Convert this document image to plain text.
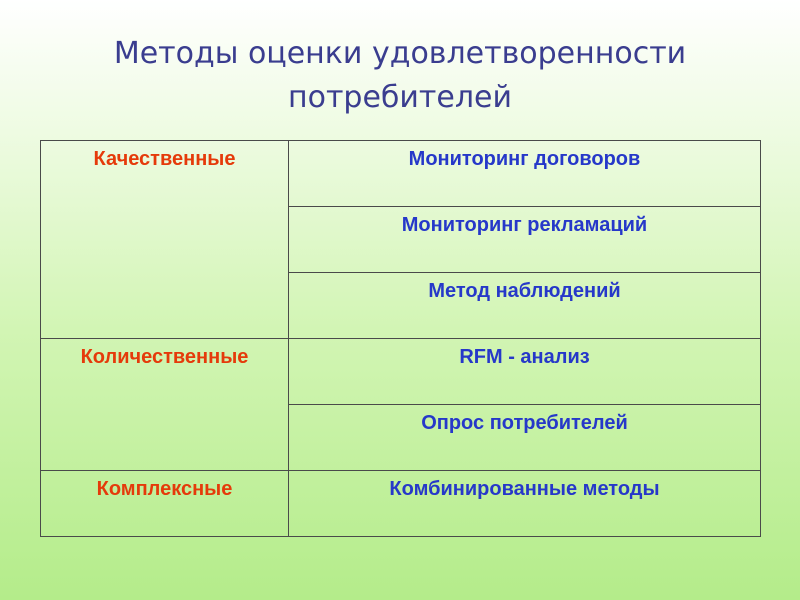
Методы оценки удовлетворенности
потребителей
Качественные	Мониторинг договоров
	Мониторинг рекламаций
	Метод наблюдений
Количественные	RFM - анализ
	Опрос потребителей
Комплексные	Комбинированные методы
